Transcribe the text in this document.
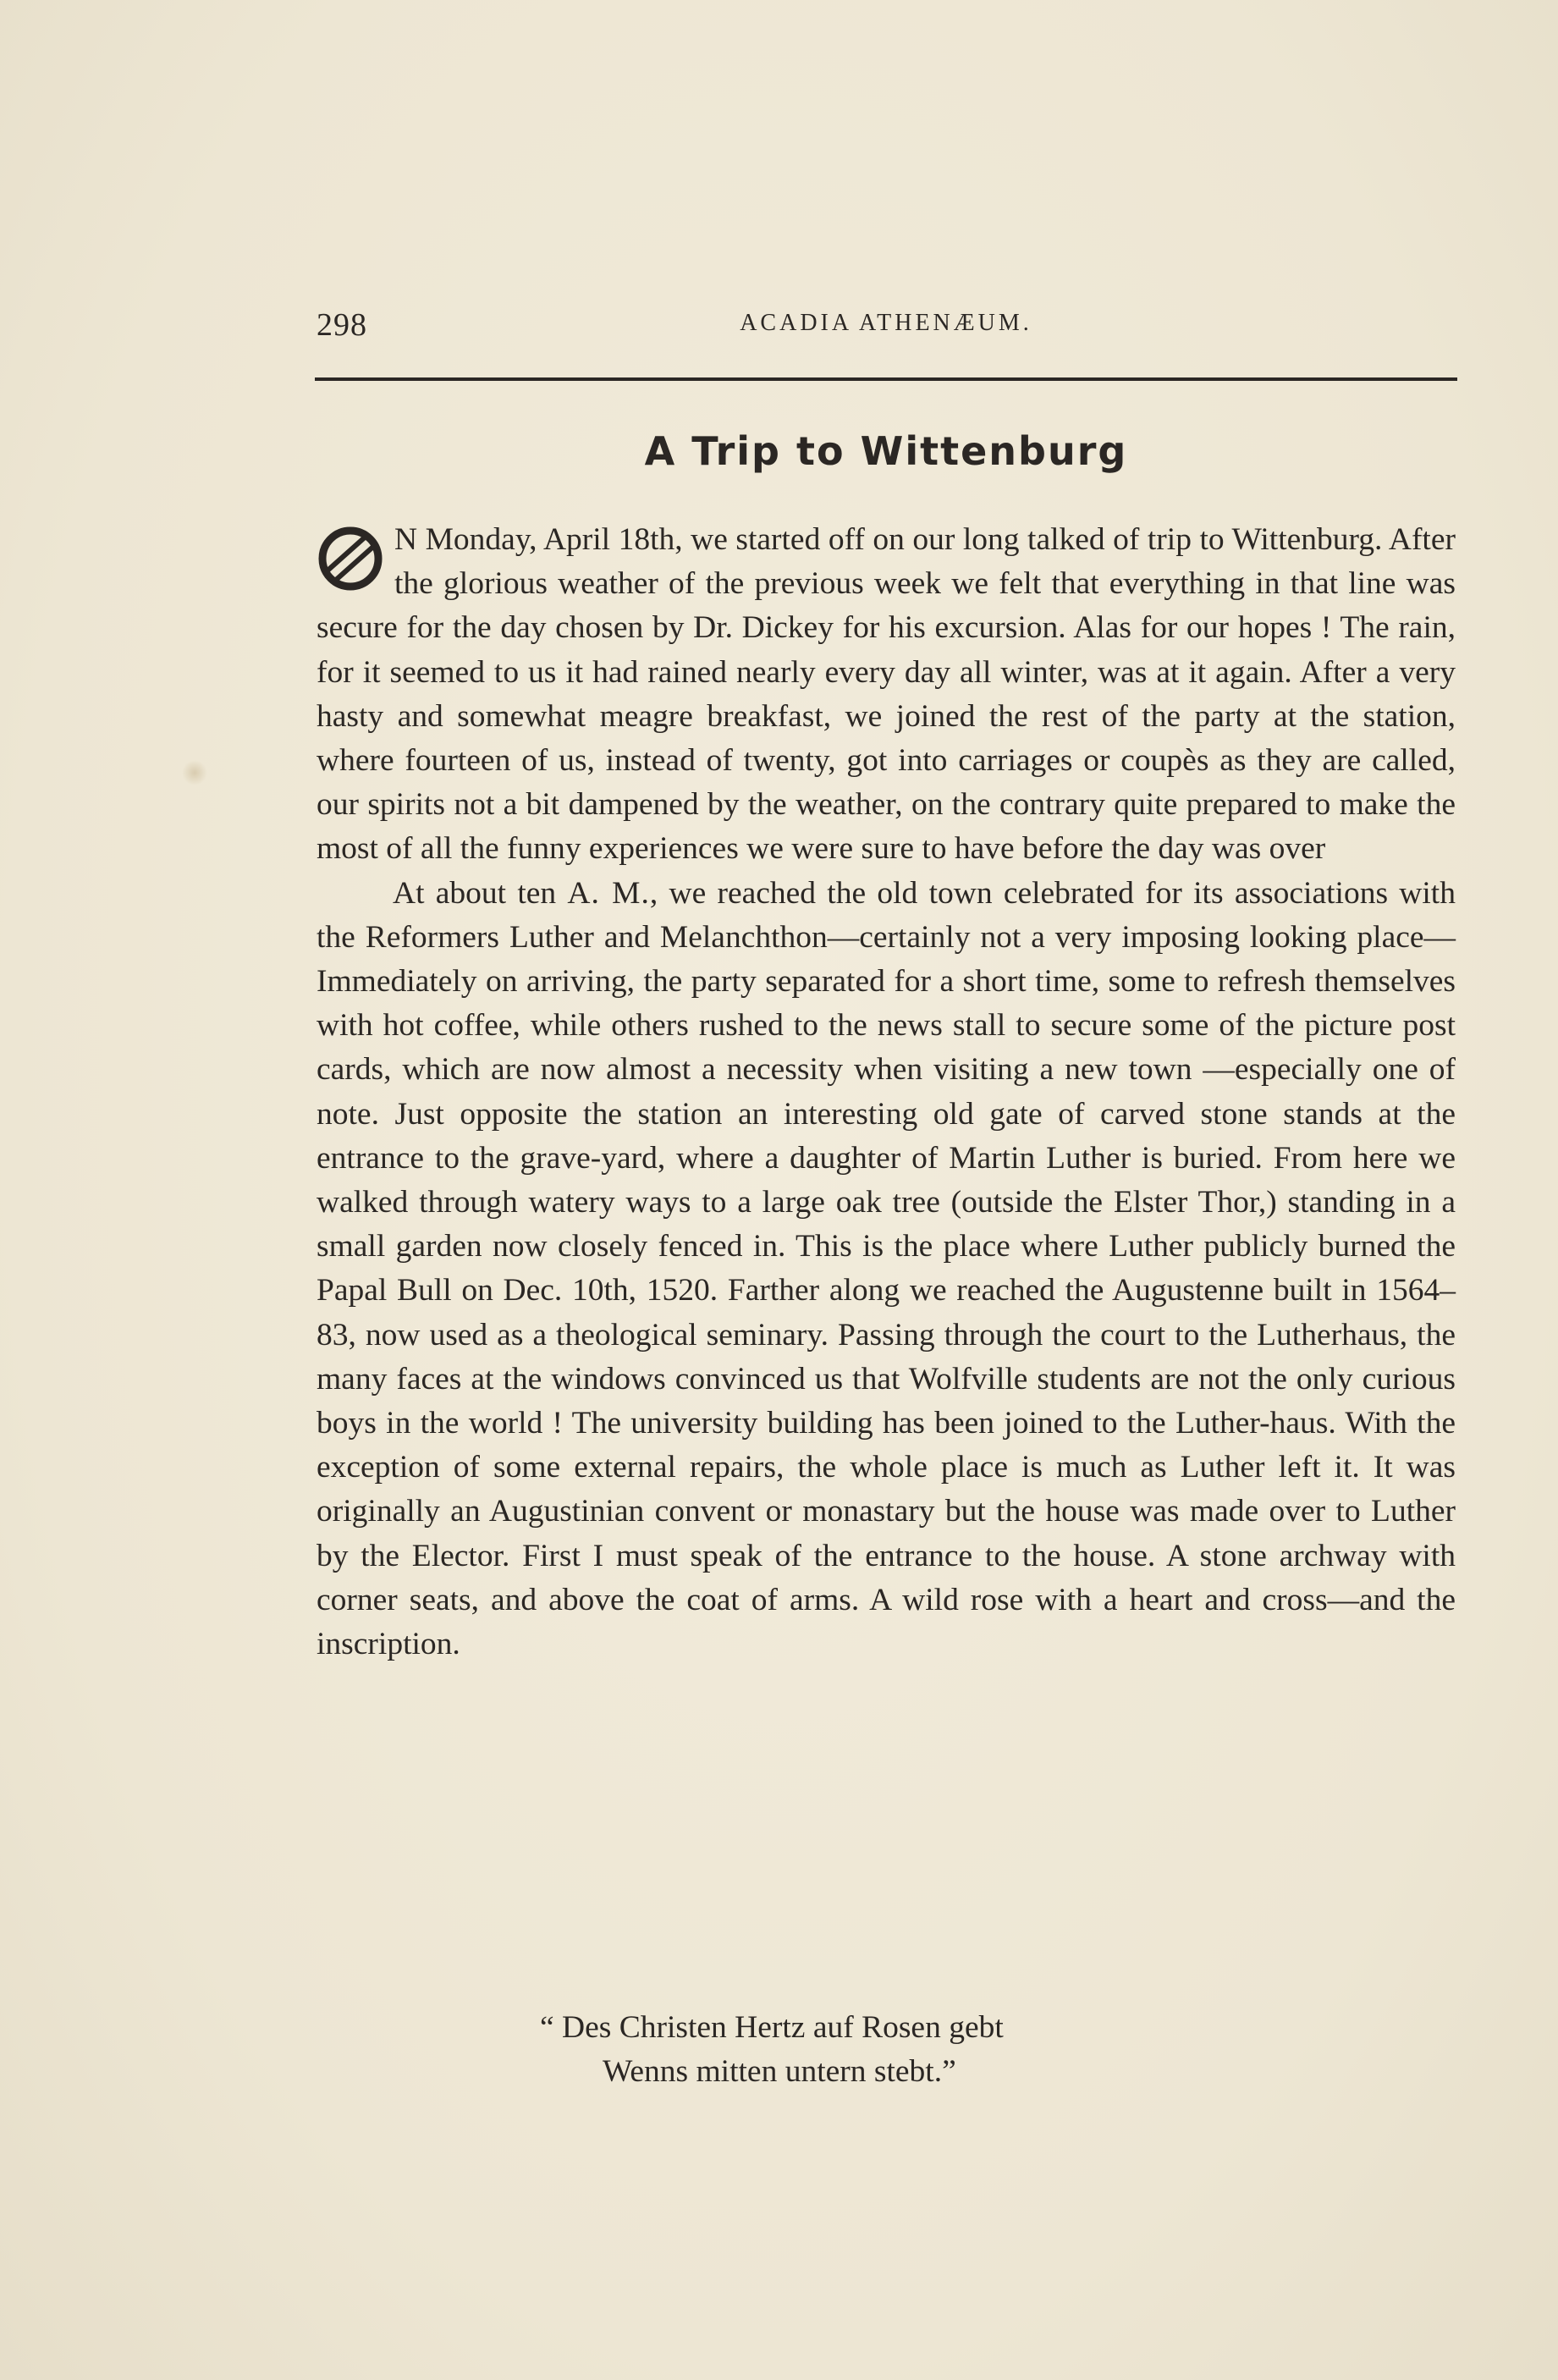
298	ACADIA ATHENÆUM.
A Trip to Wittenburg

N Monday, April 18th, we started off on our long talked of trip to Wittenburg. After the glorious weather of the previous week we felt that everything in that line was secure for the day chosen by Dr. Dickey for his excursion. Alas for our hopes ! The rain, for it seemed to us it had rained nearly every day all winter, was at it again. After a very hasty and somewhat meagre breakfast, we joined the rest of the party at the station, where fourteen of us, instead of twenty, got into carriages or coupès as they are called, our spirits not a bit dampened by the weather, on the contrary quite prepared to make the most of all the funny experiences we were sure to have before the day was over

At about ten A. M., we reached the old town celebrated for its associations with the Reformers Luther and Melanchthon—certainly not a very imposing looking place—Immediately on arriving, the party separated for a short time, some to refresh themselves with hot coffee, while others rushed to the news stall to secure some of the picture post cards, which are now almost a necessity when visiting a new town —especially one of note. Just opposite the station an interesting old gate of carved stone stands at the entrance to the grave-yard, where a daughter of Martin Luther is buried. From here we walked through watery ways to a large oak tree (outside the Elster Thor,) standing in a small garden now closely fenced in. This is the place where Luther publicly burned the Papal Bull on Dec. 10th, 1520. Farther along we reached the Augustenne built in 1564–83, now used as a theological seminary. Passing through the court to the Lutherhaus, the many faces at the windows convinced us that Wolfville students are not the only curious boys in the world ! The university building has been joined to the Luther-haus. With the exception of some external repairs, the whole place is much as Luther left it. It was originally an Augustinian convent or monastary but the house was made over to Luther by the Elector. First I must speak of the entrance to the house. A stone archway with corner seats, and above the coat of arms. A wild rose with a heart and cross—and the inscription.

“ Des Christen Hertz auf Rosen gebt
Wenns mitten untern stebt.”
